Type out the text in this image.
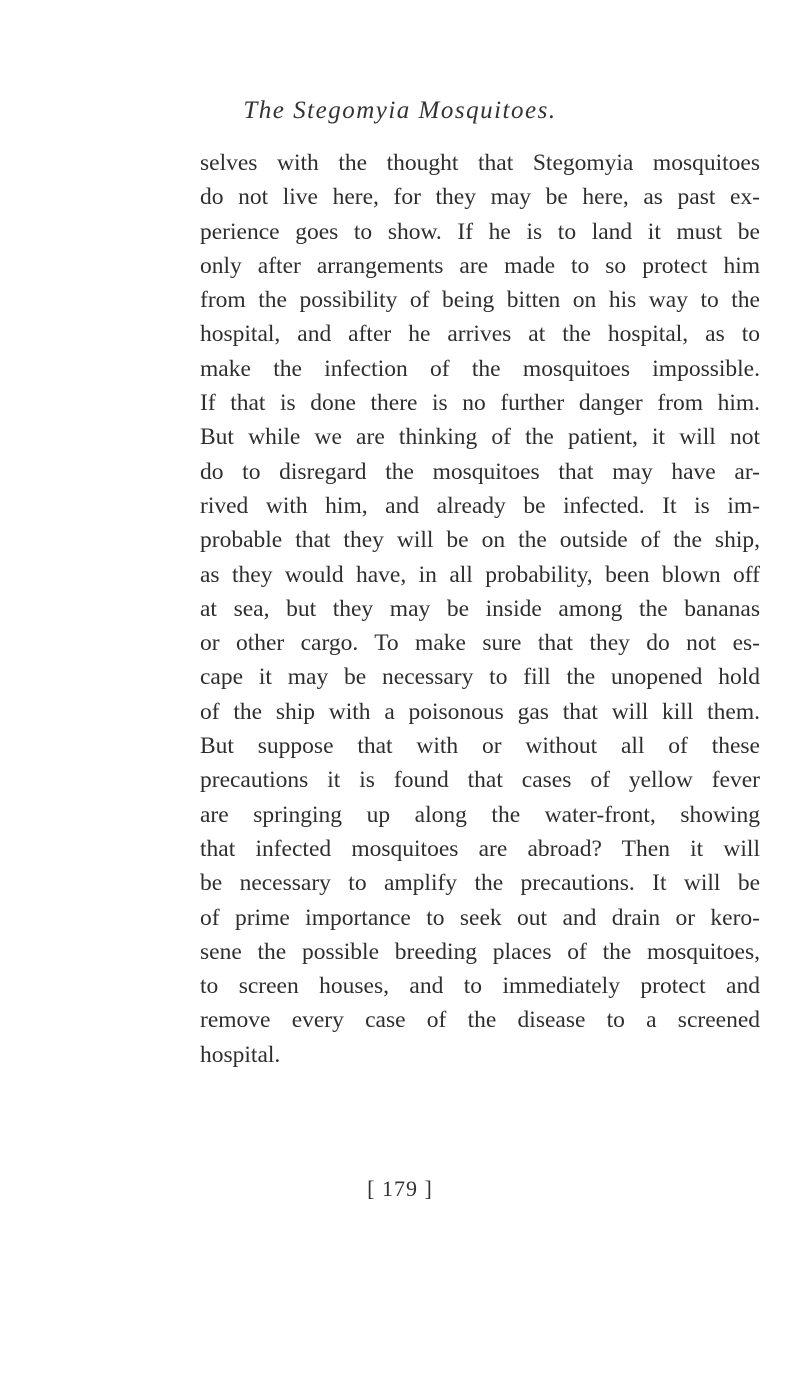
The Stegomyia Mosquitoes.
selves with the thought that Stegomyia mosquitoes
do not live here, for they may be here, as past ex-
perience goes to show. If he is to land it must be
only after arrangements are made to so protect him
from the possibility of being bitten on his way to the
hospital, and after he arrives at the hospital, as to
make the infection of the mosquitoes impossible.
If that is done there is no further danger from him.
But while we are thinking of the patient, it will not
do to disregard the mosquitoes that may have ar-
rived with him, and already be infected. It is im-
probable that they will be on the outside of the ship,
as they would have, in all probability, been blown off
at sea, but they may be inside among the bananas
or other cargo. To make sure that they do not es-
cape it may be necessary to fill the unopened hold
of the ship with a poisonous gas that will kill them.
But suppose that with or without all of these
precautions it is found that cases of yellow fever
are springing up along the water-front, showing
that infected mosquitoes are abroad? Then it will
be necessary to amplify the precautions. It will be
of prime importance to seek out and drain or kero-
sene the possible breeding places of the mosquitoes,
to screen houses, and to immediately protect and
remove every case of the disease to a screened
hospital.
[ 179 ]
